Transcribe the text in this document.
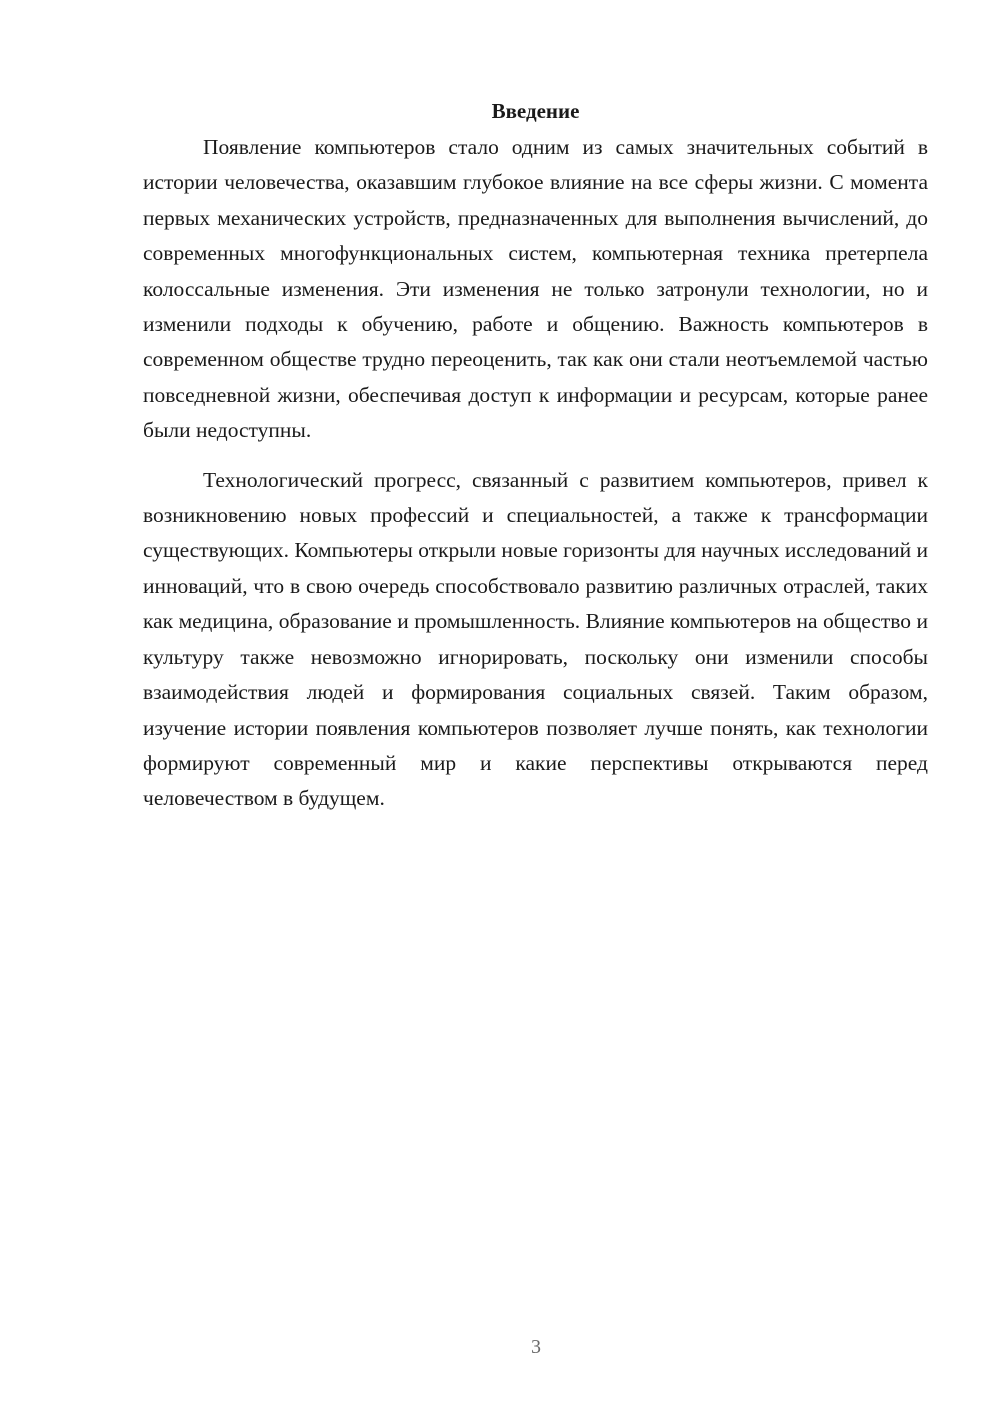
Введение

Появление компьютеров стало одним из самых значительных событий в истории человечества, оказавшим глубокое влияние на все сферы жизни. С момента первых механических устройств, предназначенных для выполнения вычислений, до современных многофункциональных систем, компьютерная техника претерпела колоссальные изменения. Эти изменения не только затронули технологии, но и изменили подходы к обучению, работе и общению. Важность компьютеров в современном обществе трудно переоценить, так как они стали неотъемлемой частью повседневной жизни, обеспечивая доступ к информации и ресурсам, которые ранее были недоступны.

Технологический прогресс, связанный с развитием компьютеров, привел к возникновению новых профессий и специальностей, а также к трансформации существующих. Компьютеры открыли новые горизонты для научных исследований и инноваций, что в свою очередь способствовало развитию различных отраслей, таких как медицина, образование и промышленность. Влияние компьютеров на общество и культуру также невозможно игнорировать, поскольку они изменили способы взаимодействия людей и формирования социальных связей. Таким образом, изучение истории появления компьютеров позволяет лучше понять, как технологии формируют современный мир и какие перспективы открываются перед человечеством в будущем.

3
